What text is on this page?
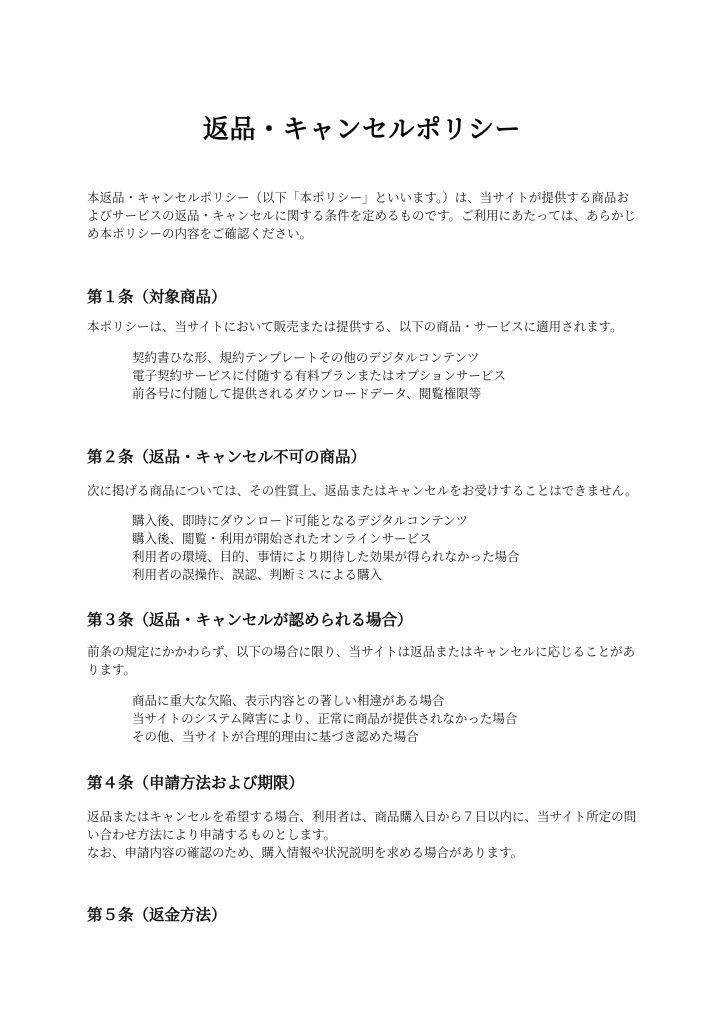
返品・キャンセルポリシー
本返品・キャンセルポリシー（以下「本ポリシー」といいます。）は、当サイトが提供する商品お
よびサービスの返品・キャンセルに関する条件を定めるものです。ご利用にあたっては、あらかじ
め本ポリシーの内容をご確認ください。
第１条（対象商品）
本ポリシーは、当サイトにおいて販売または提供する、以下の商品・サービスに適用されます。
契約書ひな形、規約テンプレートその他のデジタルコンテンツ
電子契約サービスに付随する有料プランまたはオプションサービス
前各号に付随して提供されるダウンロードデータ、閲覧権限等
第２条（返品・キャンセル不可の商品）
次に掲げる商品については、その性質上、返品またはキャンセルをお受けすることはできません。
購入後、即時にダウンロード可能となるデジタルコンテンツ
購入後、閲覧・利用が開始されたオンラインサービス
利用者の環境、目的、事情により期待した効果が得られなかった場合
利用者の誤操作、誤認、判断ミスによる購入
第３条（返品・キャンセルが認められる場合）
前条の規定にかかわらず、以下の場合に限り、当サイトは返品またはキャンセルに応じることがあ
ります。
商品に重大な欠陥、表示内容との著しい相違がある場合
当サイトのシステム障害により、正常に商品が提供されなかった場合
その他、当サイトが合理的理由に基づき認めた場合
第４条（申請方法および期限）
返品またはキャンセルを希望する場合、利用者は、商品購入日から７日以内に、当サイト所定の問
い合わせ方法により申請するものとします。
なお、申請内容の確認のため、購入情報や状況説明を求める場合があります。
第５条（返金方法）
